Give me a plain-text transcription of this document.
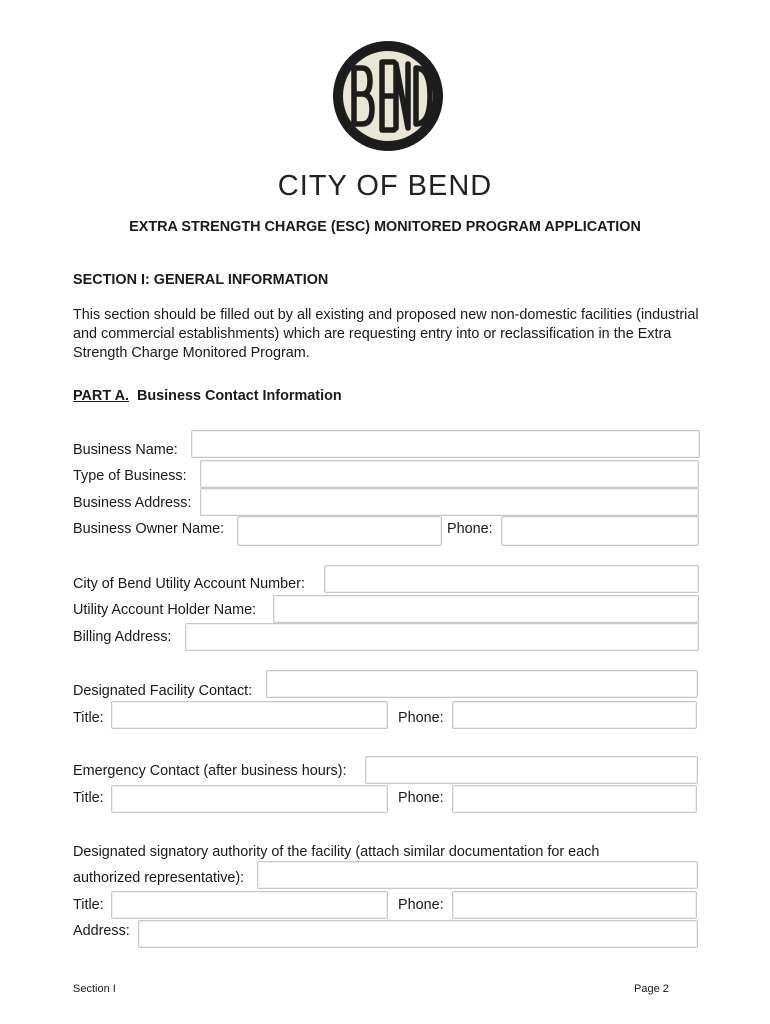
CITY OF BEND
EXTRA STRENGTH CHARGE (ESC) MONITORED PROGRAM APPLICATION
SECTION I: GENERAL INFORMATION
This section should be filled out by all existing and proposed new non-domestic facilities (industrial and commercial establishments) which are requesting entry into or reclassification in the Extra Strength Charge Monitored Program.
PART A. Business Contact Information
Business Name:
Type of Business:
Business Address:
Business Owner Name:	Phone:
City of Bend Utility Account Number:
Utility Account Holder Name:
Billing Address:
Designated Facility Contact:
Title:	Phone:
Emergency Contact (after business hours):
Title:	Phone:
Designated signatory authority of the facility (attach similar documentation for each
authorized representative):
Title:	Phone:
Address:
Section I	Page 2
